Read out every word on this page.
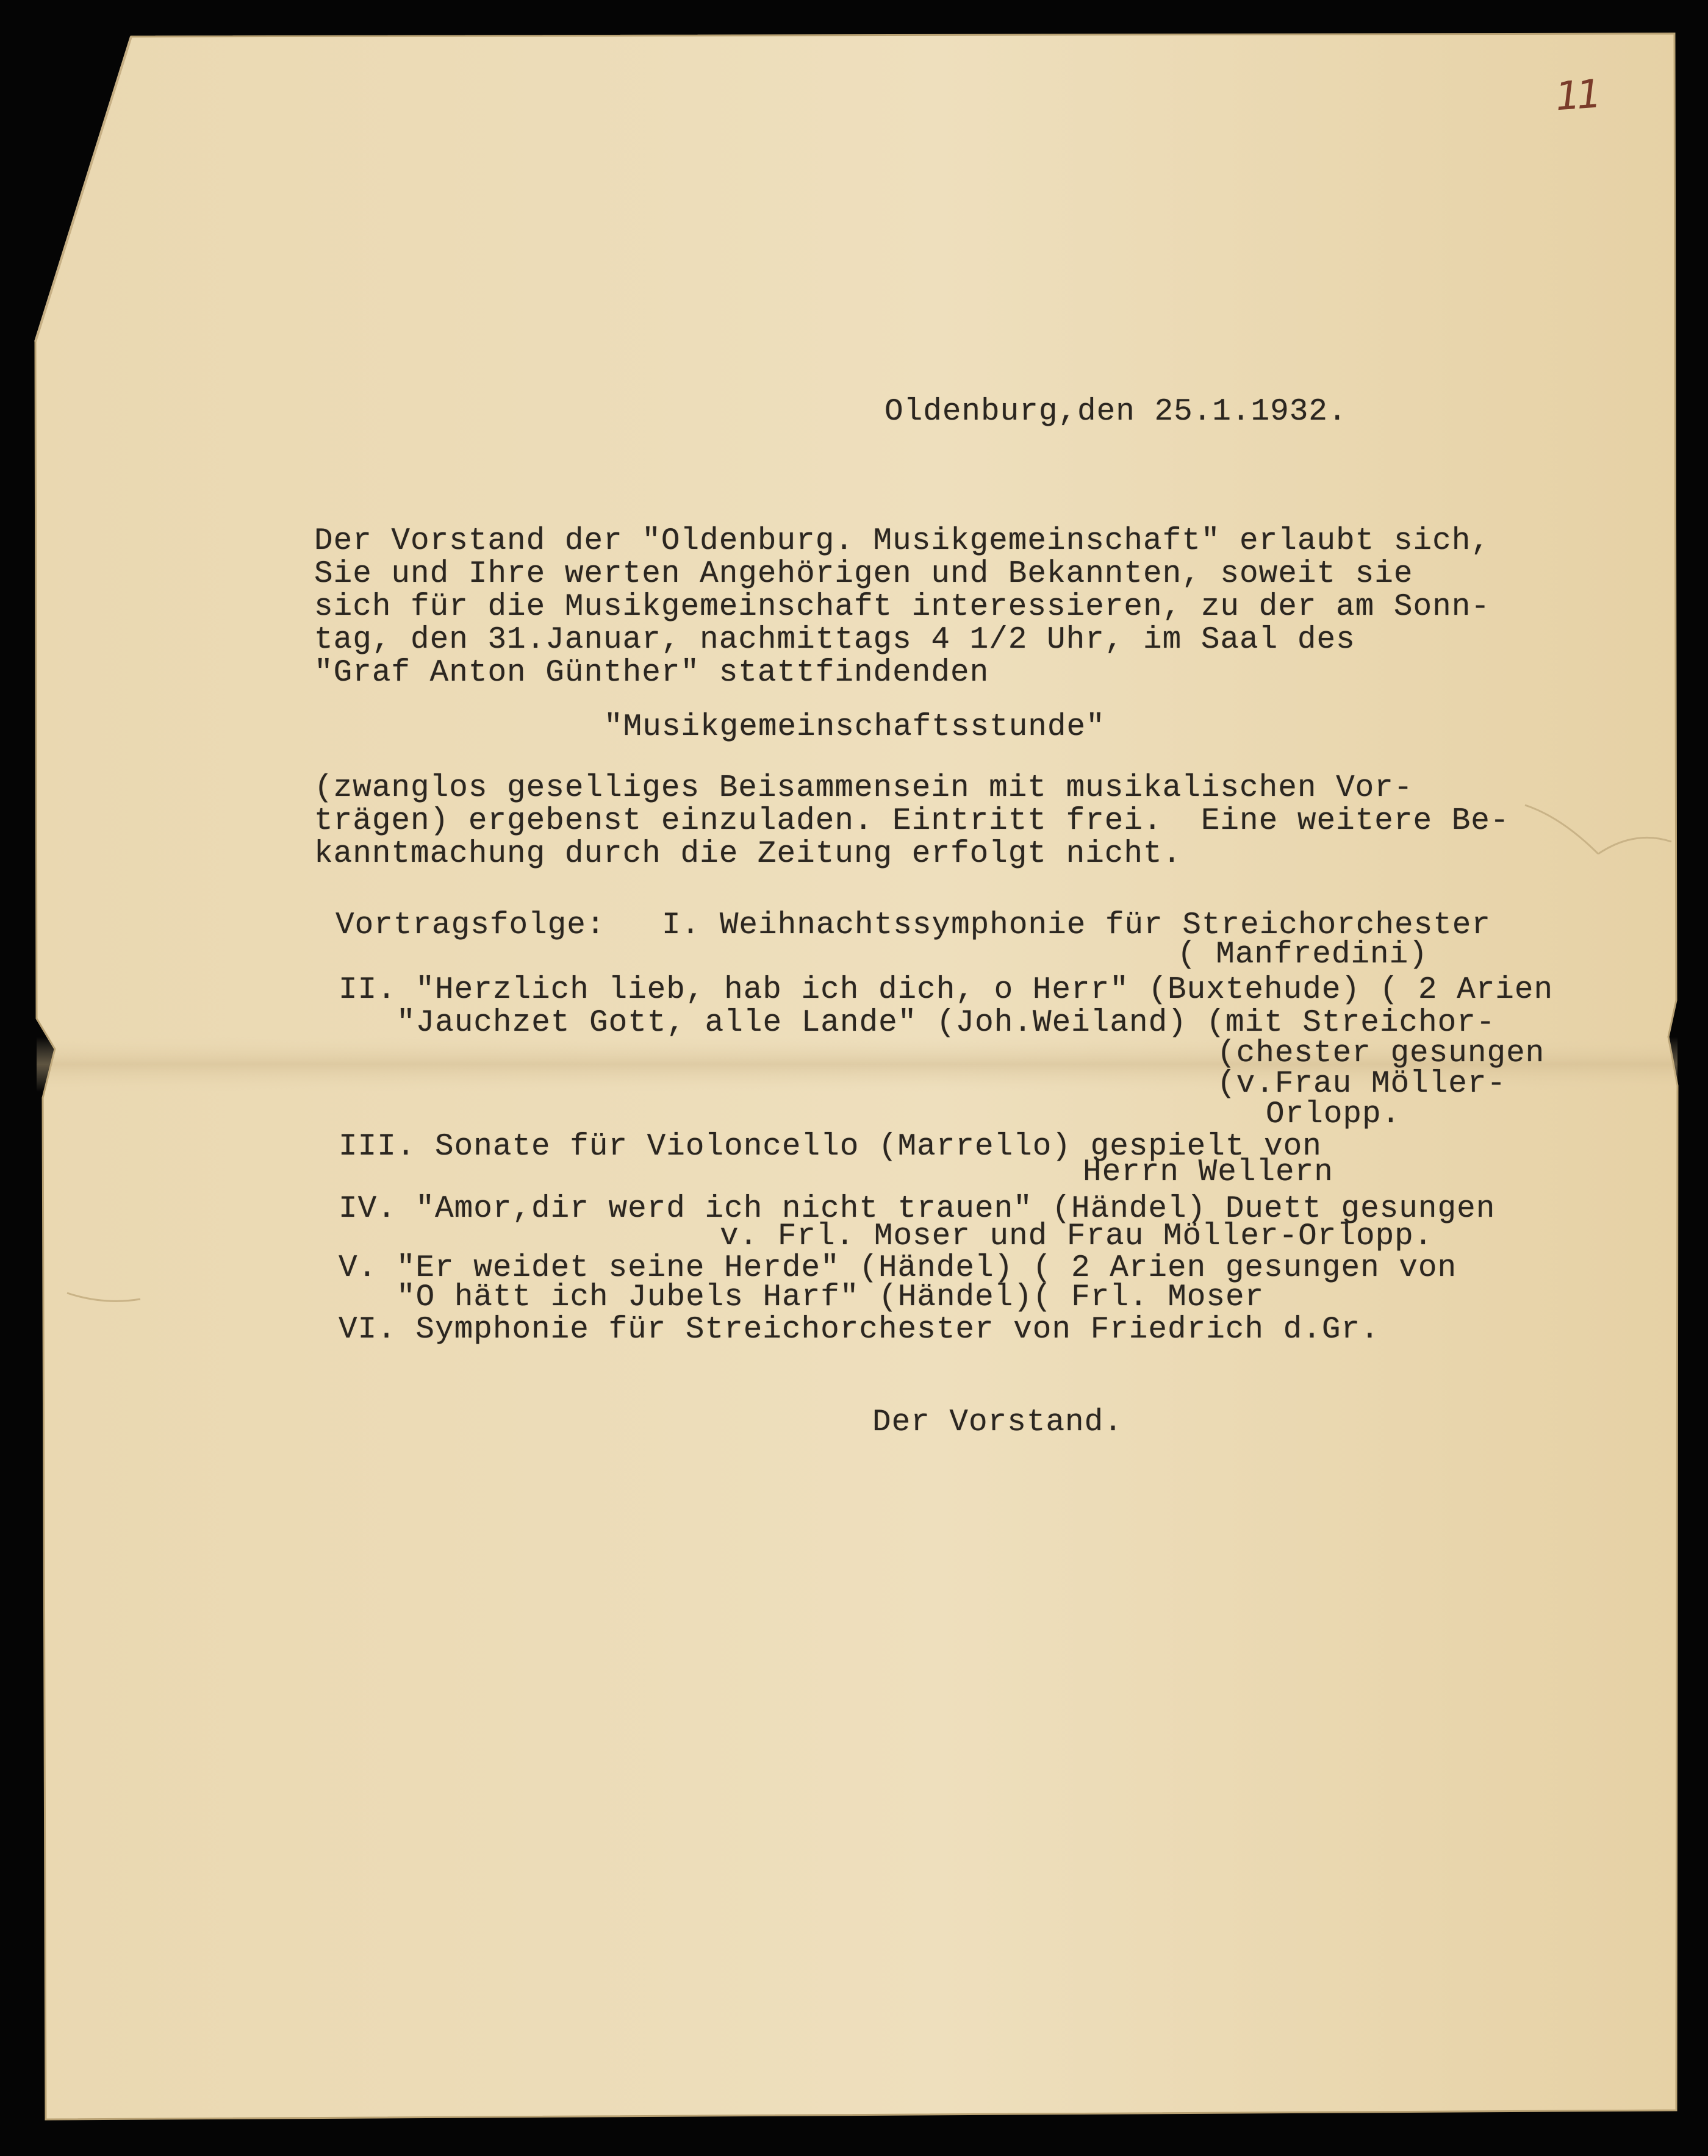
11
Oldenburg,den 25.1.1932.
Der Vorstand der "Oldenburg. Musikgemeinschaft" erlaubt sich,
Sie und Ihre werten Angehörigen und Bekannten, soweit sie
sich für die Musikgemeinschaft interessieren, zu der am Sonn-
tag, den 31.Januar, nachmittags 4 1/2 Uhr, im Saal des
"Graf Anton Günther" stattfindenden
"Musikgemeinschaftsstunde"
(zwanglos geselliges Beisammensein mit musikalischen Vor-
trägen) ergebenst einzuladen. Eintritt frei.  Eine weitere Be-
kanntmachung durch die Zeitung erfolgt nicht.
Vortragsfolge: I. Weihnachtssymphonie für Streichorchester
( Manfredini)
II. "Herzlich lieb, hab ich dich, o Herr" (Buxtehude) ( 2 Arien
"Jauchzet Gott, alle Lande" (Joh.Weiland) (mit Streichor-
(chester gesungen
(v.Frau Möller-
Orlopp.
III. Sonate für Violoncello (Marrello) gespielt von
Herrn Wellern
IV. "Amor,dir werd ich nicht trauen" (Händel) Duett gesungen
v. Frl. Moser und Frau Möller-Orlopp.
V. "Er weidet seine Herde" (Händel) ( 2 Arien gesungen von
"O hätt ich Jubels Harf" (Händel)( Frl. Moser
VI. Symphonie für Streichorchester von Friedrich d.Gr.
Der Vorstand.
